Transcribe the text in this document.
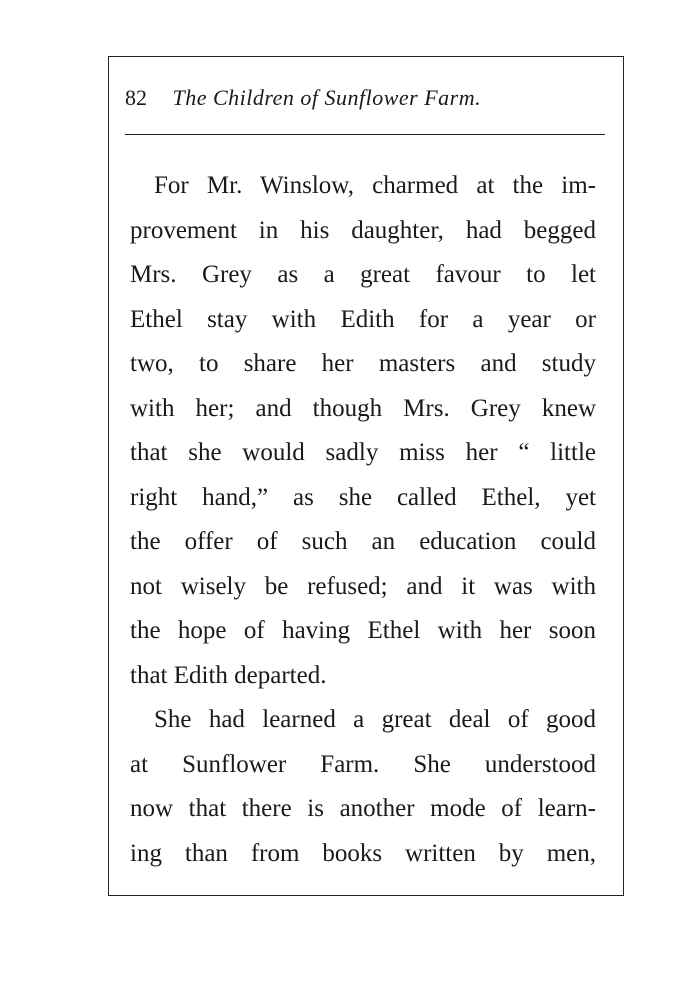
82 The Children of Sunflower Farm.
For Mr. Winslow, charmed at the im-
provement in his daughter, had begged
Mrs. Grey as a great favour to let
Ethel stay with Edith for a year or
two, to share her masters and study
with her; and though Mrs. Grey knew
that she would sadly miss her “ little
right hand,” as she called Ethel, yet
the offer of such an education could
not wisely be refused; and it was with
the hope of having Ethel with her soon
that Edith departed.
She had learned a great deal of good
at Sunflower Farm. She understood
now that there is another mode of learn-
ing than from books written by men,
